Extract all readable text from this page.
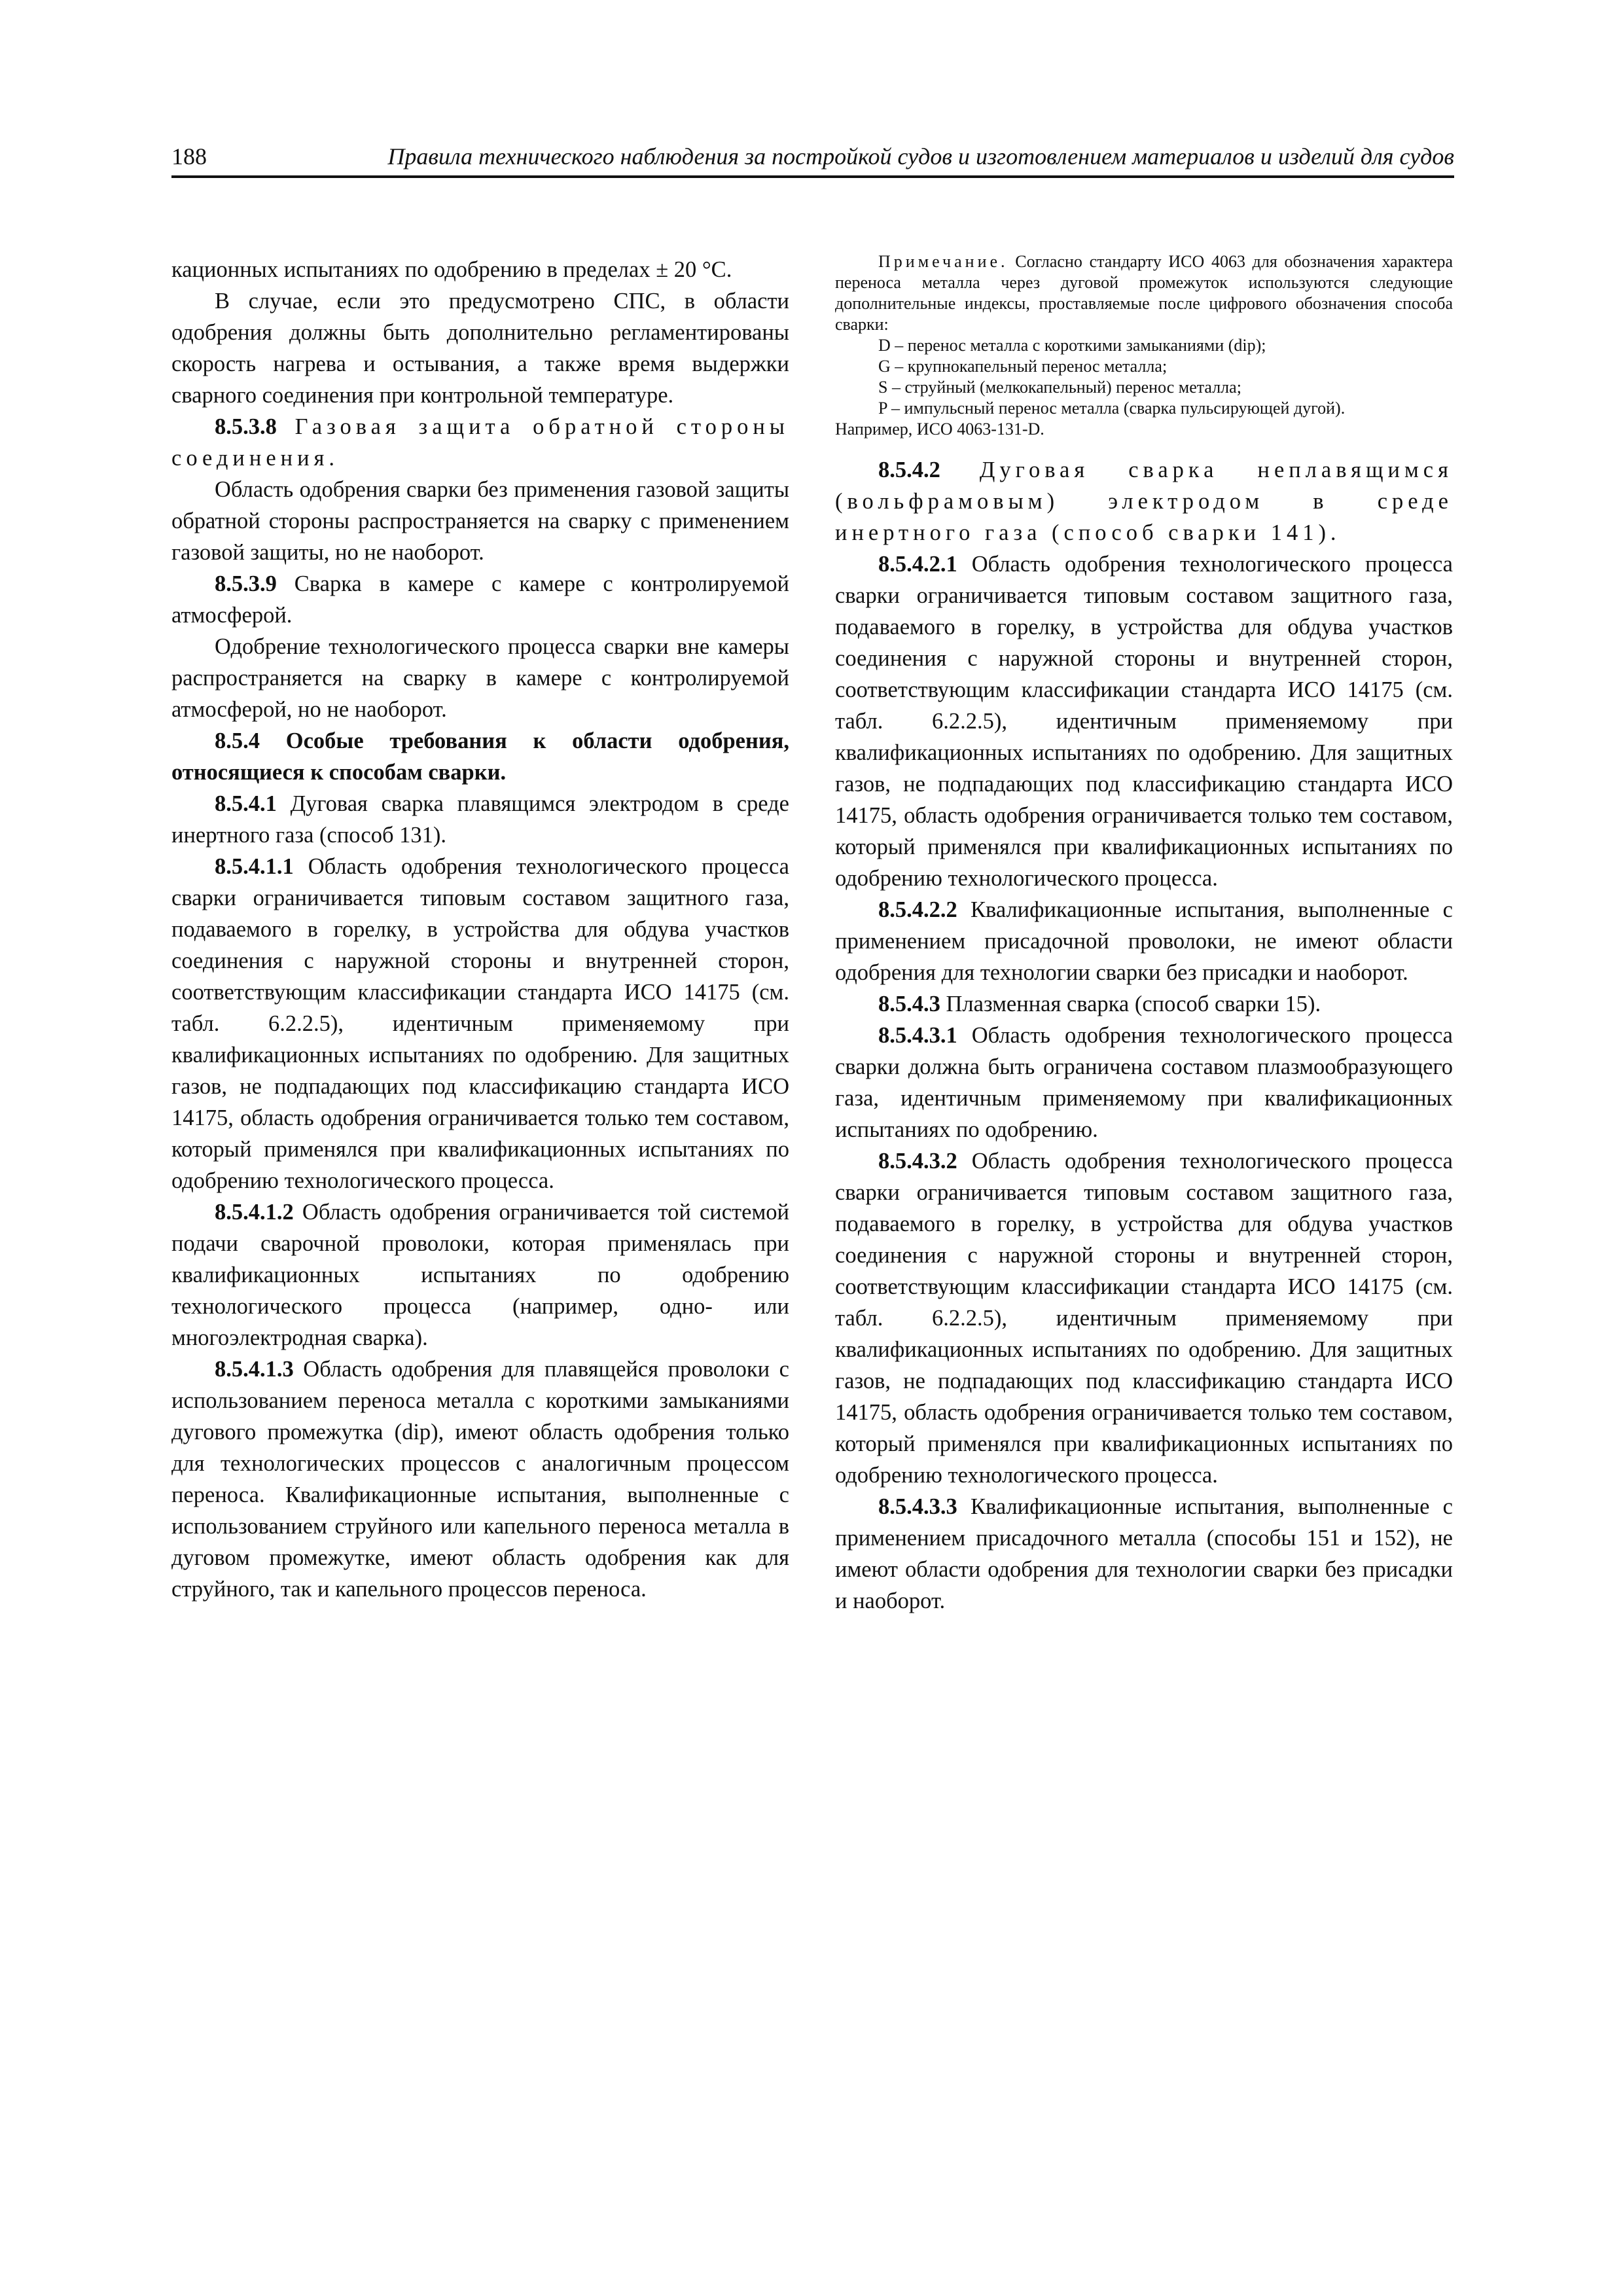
188	Правила технического наблюдения за постройкой судов и изготовлением материалов и изделий для судов

кационных испытаниях по одобрению в пределах ± 20 °С.

В случае, если это предусмотрено СПС, в области одобрения должны быть дополнительно регламентированы скорость нагрева и остывания, а также время выдержки сварного соединения при контрольной температуре.

8.5.3.8 Газовая защита обратной стороны соединения.

Область одобрения сварки без применения газовой защиты обратной стороны распространяется на сварку с применением газовой защиты, но не наоборот.

8.5.3.9 Сварка в камере с камере с контролируемой атмосферой.

Одобрение технологического процесса сварки вне камеры распространяется на сварку в камере с контролируемой атмосферой, но не наоборот.

8.5.4 Особые требования к области одобрения, относящиеся к способам сварки.

8.5.4.1 Дуговая сварка плавящимся электродом в среде инертного газа (способ 131).

8.5.4.1.1 Область одобрения технологического процесса сварки ограничивается типовым составом защитного газа, подаваемого в горелку, в устройства для обдува участков соединения с наружной стороны и внутренней сторон, соответствующим классификации стандарта ИСО 14175 (см. табл. 6.2.2.5), идентичным применяемому при квалификационных испытаниях по одобрению. Для защитных газов, не подпадающих под классификацию стандарта ИСО 14175, область одобрения ограничивается только тем составом, который применялся при квалификационных испытаниях по одобрению технологического процесса.

8.5.4.1.2 Область одобрения ограничивается той системой подачи сварочной проволоки, которая применялась при квалификационных испытаниях по одобрению технологического процесса (например, одно- или многоэлектродная сварка).

8.5.4.1.3 Область одобрения для плавящейся проволоки с использованием переноса металла с короткими замыканиями дугового промежутка (dip), имеют область одобрения только для технологических процессов с аналогичным процессом переноса. Квалификационные испытания, выполненные с использованием струйного или капельного переноса металла в дуговом промежутке, имеют область одобрения как для струйного, так и капельного процессов переноса.

Примечание. Согласно стандарту ИСО 4063 для обозначения характера переноса металла через дуговой промежуток используются следующие дополнительные индексы, проставляемые после цифрового обозначения способа сварки:

D – перенос металла с короткими замыканиями (dip);

G – крупнокапельный перенос металла;

S – струйный (мелкокапельный) перенос металла;

P – импульсный перенос металла (сварка пульсирующей дугой).

Например, ИСО 4063-131-D.

8.5.4.2 Дуговая сварка неплавящимся (вольфрамовым) электродом в среде инертного газа (способ сварки 141).

8.5.4.2.1 Область одобрения технологического процесса сварки ограничивается типовым составом защитного газа, подаваемого в горелку, в устройства для обдува участков соединения с наружной стороны и внутренней сторон, соответствующим классификации стандарта ИСО 14175 (см. табл. 6.2.2.5), идентичным применяемому при квалификационных испытаниях по одобрению. Для защитных газов, не подпадающих под классификацию стандарта ИСО 14175, область одобрения ограничивается только тем составом, который применялся при квалификационных испытаниях по одобрению технологического процесса.

8.5.4.2.2 Квалификационные испытания, выполненные с применением присадочной проволоки, не имеют области одобрения для технологии сварки без присадки и наоборот.

8.5.4.3 Плазменная сварка (способ сварки 15).

8.5.4.3.1 Область одобрения технологического процесса сварки должна быть ограничена составом плазмообразующего газа, идентичным применяемому при квалификационных испытаниях по одобрению.

8.5.4.3.2 Область одобрения технологического процесса сварки ограничивается типовым составом защитного газа, подаваемого в горелку, в устройства для обдува участков соединения с наружной стороны и внутренней сторон, соответствующим классификации стандарта ИСО 14175 (см. табл. 6.2.2.5), идентичным применяемому при квалификационных испытаниях по одобрению. Для защитных газов, не подпадающих под классификацию стандарта ИСО 14175, область одобрения ограничивается только тем составом, который применялся при квалификационных испытаниях по одобрению технологического процесса.

8.5.4.3.3 Квалификационные испытания, выполненные с применением присадочного металла (способы 151 и 152), не имеют области одобрения для технологии сварки без присадки и наоборот.
